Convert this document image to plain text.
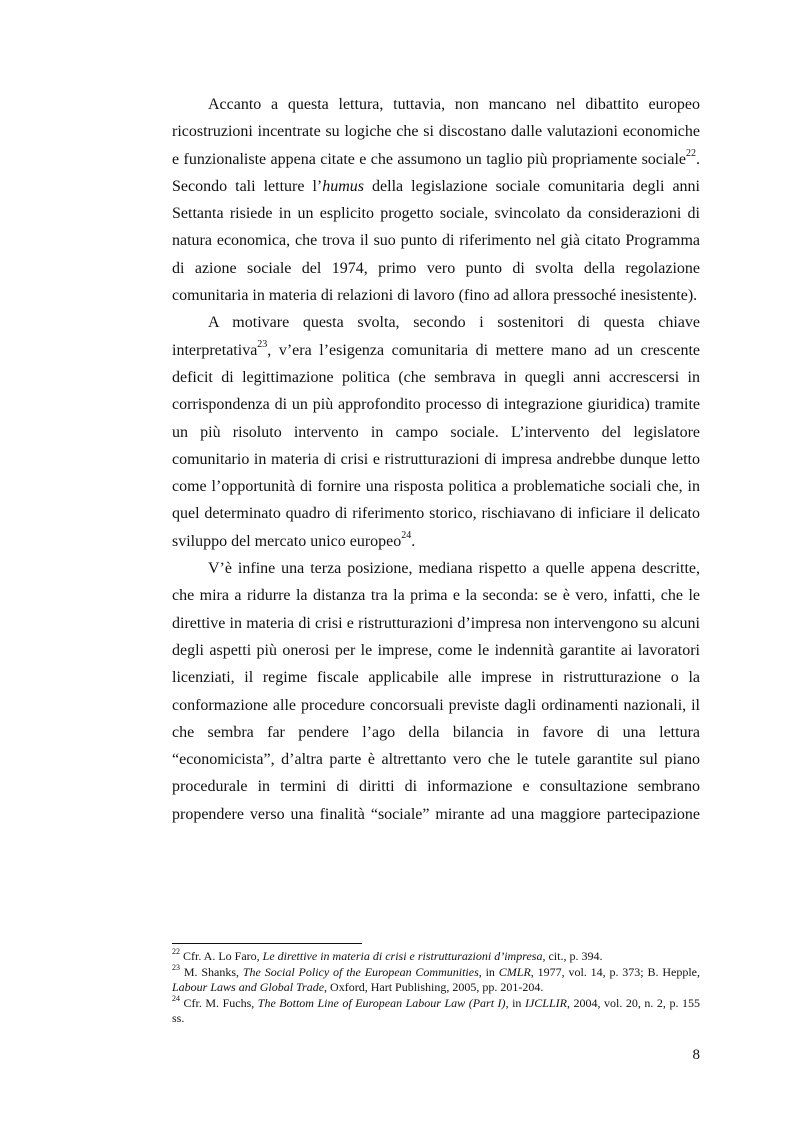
Accanto a questa lettura, tuttavia, non mancano nel dibattito europeo ricostruzioni incentrate su logiche che si discostano dalle valutazioni economiche e funzionaliste appena citate e che assumono un taglio più propriamente sociale$^{22}$. Secondo tali letture l’humus della legislazione sociale comunitaria degli anni Settanta risiede in un esplicito progetto sociale, svincolato da considerazioni di natura economica, che trova il suo punto di riferimento nel già citato Programma di azione sociale del 1974, primo vero punto di svolta della regolazione comunitaria in materia di relazioni di lavoro (fino ad allora pressoché inesistente).

A motivare questa svolta, secondo i sostenitori di questa chiave interpretativa$^{23}$, v’era l’esigenza comunitaria di mettere mano ad un crescente deficit di legittimazione politica (che sembrava in quegli anni accrescersi in corrispondenza di un più approfondito processo di integrazione giuridica) tramite un più risoluto intervento in campo sociale. L’intervento del legislatore comunitario in materia di crisi e ristrutturazioni di impresa andrebbe dunque letto come l’opportunità di fornire una risposta politica a problematiche sociali che, in quel determinato quadro di riferimento storico, rischiavano di inficiare il delicato sviluppo del mercato unico europeo$^{24}$.

V’è infine una terza posizione, mediana rispetto a quelle appena descritte, che mira a ridurre la distanza tra la prima e la seconda: se è vero, infatti, che le direttive in materia di crisi e ristrutturazioni d’impresa non intervengono su alcuni degli aspetti più onerosi per le imprese, come le indennità garantite ai lavoratori licenziati, il regime fiscale applicabile alle imprese in ristrutturazione o la conformazione alle procedure concorsuali previste dagli ordinamenti nazionali, il che sembra far pendere l’ago della bilancia in favore di una lettura “economicista”, d’altra parte è altrettanto vero che le tutele garantite sul piano procedurale in termini di diritti di informazione e consultazione sembrano propendere verso una finalità “sociale” mirante ad una maggiore partecipazione

$^{22}$ Cfr. A. Lo Faro, Le direttive in materia di crisi e ristrutturazioni d’impresa, cit., p. 394.

$^{23}$ M. Shanks, The Social Policy of the European Communities, in CMLR, 1977, vol. 14, p. 373; B. Hepple, Labour Laws and Global Trade, Oxford, Hart Publishing, 2005, pp. 201-204.

$^{24}$ Cfr. M. Fuchs, The Bottom Line of European Labour Law (Part I), in IJCLLIR, 2004, vol. 20, n. 2, p. 155 ss.

8
